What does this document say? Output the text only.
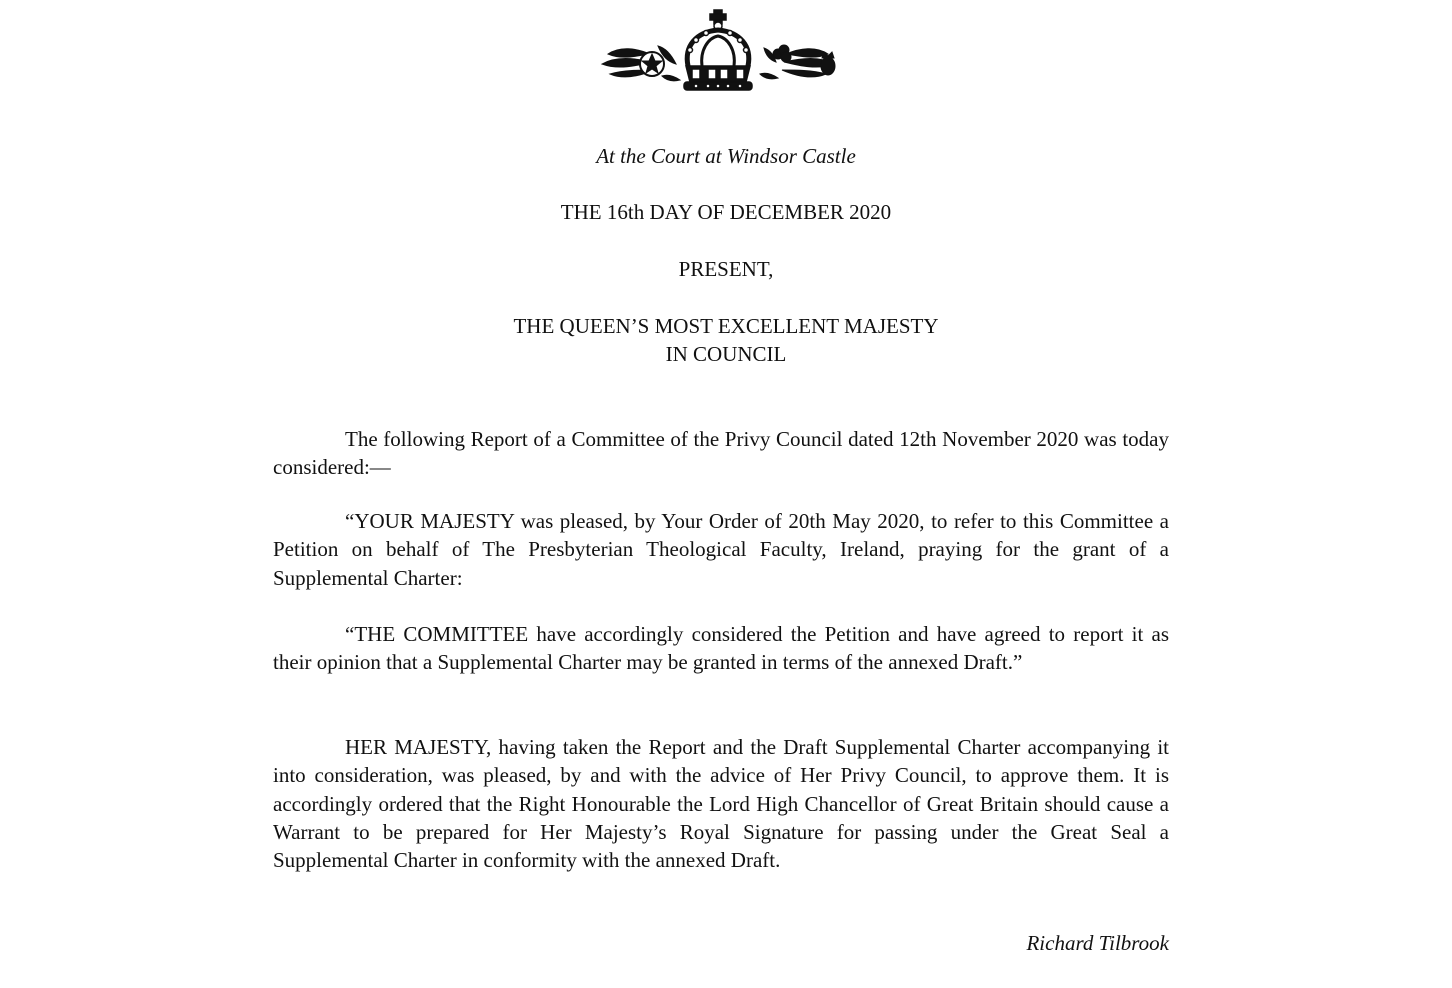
At the Court at Windsor Castle

THE 16th DAY OF DECEMBER 2020

PRESENT,

THE QUEEN’S MOST EXCELLENT MAJESTY

IN COUNCIL

The following Report of a Committee of the Privy Council dated 12th November 2020 was today considered:—

“YOUR MAJESTY was pleased, by Your Order of 20th May 2020, to refer to this Committee a Petition on behalf of The Presbyterian Theological Faculty, Ireland, praying for the grant of a Supplemental Charter:

“THE COMMITTEE have accordingly considered the Petition and have agreed to report it as their opinion that a Supplemental Charter may be granted in terms of the annexed Draft.”

HER MAJESTY, having taken the Report and the Draft Supplemental Charter accompanying it into consideration, was pleased, by and with the advice of Her Privy Council, to approve them. It is accordingly ordered that the Right Honourable the Lord High Chancellor of Great Britain should cause a Warrant to be prepared for Her Majesty’s Royal Signature for passing under the Great Seal a Supplemental Charter in conformity with the annexed Draft.

Richard Tilbrook
